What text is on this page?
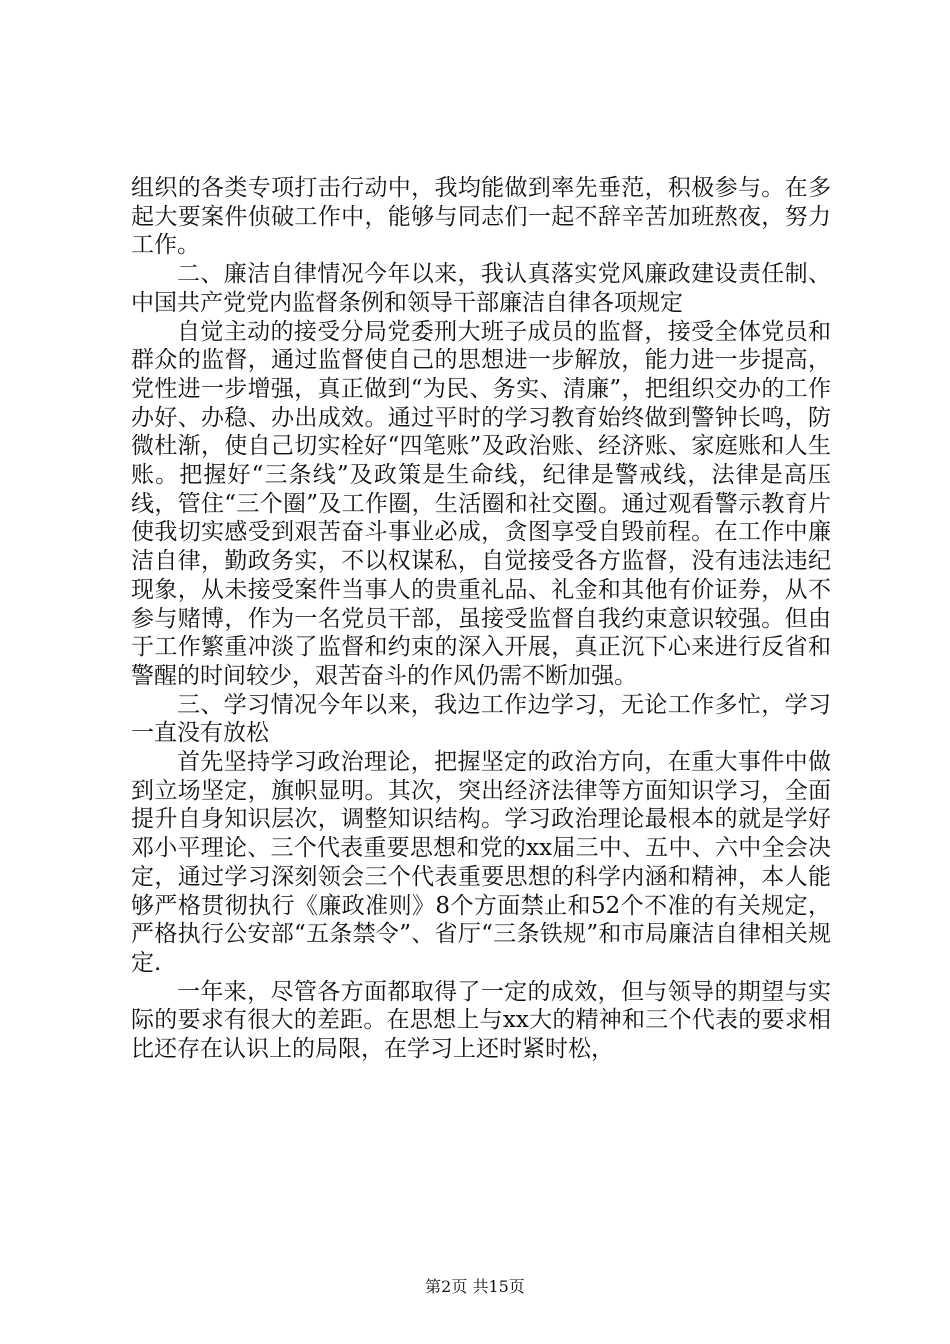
组织的各类专项打击行动中，我均能做到率先垂范，积极参与。在多起大要案件侦破工作中，能够与同志们一起不辞辛苦加班熬夜，努力工作。

二、廉洁自律情况今年以来，我认真落实党风廉政建设责任制、中国共产党党内监督条例和领导干部廉洁自律各项规定

自觉主动的接受分局党委刑大班子成员的监督，接受全体党员和群众的监督，通过监督使自己的思想进一步解放，能力进一步提高，党性进一步增强，真正做到“为民、务实、清廉”，把组织交办的工作办好、办稳、办出成效。通过平时的学习教育始终做到警钟长鸣，防微杜渐，使自己切实栓好“四笔账”及政治账、经济账、家庭账和人生账。把握好“三条线”及政策是生命线，纪律是警戒线，法律是高压线，管住“三个圈”及工作圈，生活圈和社交圈。通过观看警示教育片使我切实感受到艰苦奋斗事业必成，贪图享受自毁前程。在工作中廉洁自律，勤政务实，不以权谋私，自觉接受各方监督，没有违法违纪现象，从未接受案件当事人的贵重礼品、礼金和其他有价证券，从不参与赌博，作为一名党员干部，虽接受监督自我约束意识较强。但由于工作繁重冲淡了监督和约束的深入开展，真正沉下心来进行反省和警醒的时间较少，艰苦奋斗的作风仍需不断加强。

三、学习情况今年以来，我边工作边学习，无论工作多忙，学习一直没有放松

首先坚持学习政治理论，把握坚定的政治方向，在重大事件中做到立场坚定，旗帜显明。其次，突出经济法律等方面知识学习，全面提升自身知识层次，调整知识结构。学习政治理论最根本的就是学好邓小平理论、三个代表重要思想和党的xx届三中、五中、六中全会决定，通过学习深刻领会三个代表重要思想的科学内涵和精神，本人能够严格贯彻执行《廉政准则》8个方面禁止和52个不准的有关规定，严格执行公安部“五条禁令”、省厅“三条铁规”和市局廉洁自律相关规定.

一年来，尽管各方面都取得了一定的成效，但与领导的期望与实际的要求有很大的差距。在思想上与xx大的精神和三个代表的要求相比还存在认识上的局限，在学习上还时紧时松，

第2页 共15页
